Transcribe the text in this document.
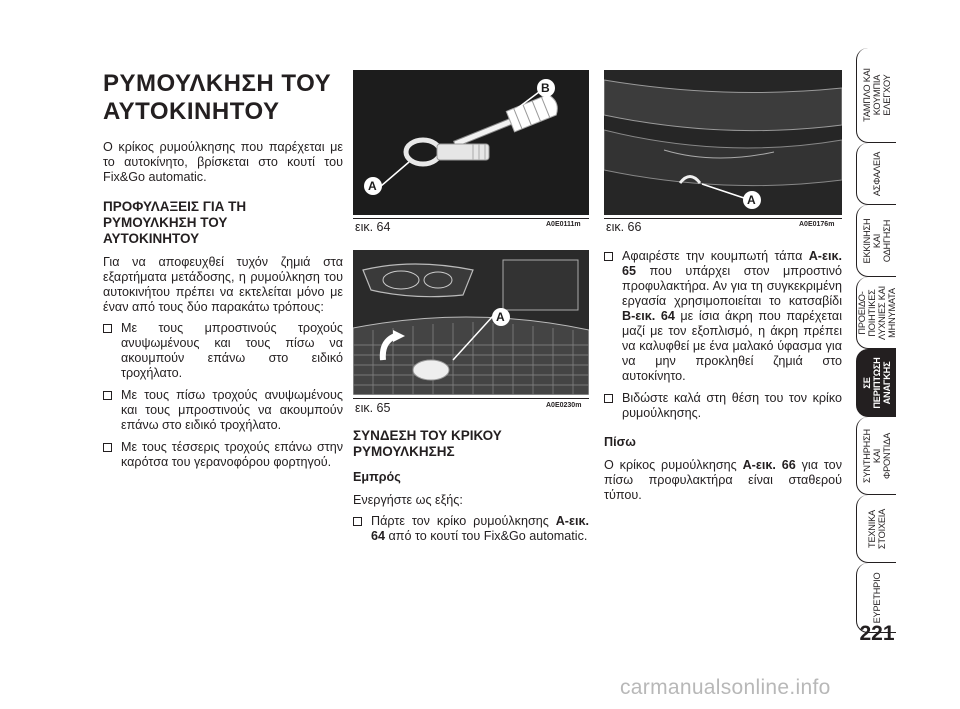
ΡΥΜΟΥΛΚΗΣΗ ΤΟΥ
ΑΥΤΟΚΙΝΗΤΟΥ

Ο κρίκος ρυμούλκησης που παρέχεται με το αυτοκίνητο, βρίσκεται στο κουτί του Fix&Go automatic.

ΠΡΟΦΥΛΑΞΕΙΣ ΓΙΑ ΤΗ
ΡΥΜΟΥΛΚΗΣΗ ΤΟΥ
ΑΥΤΟΚΙΝΗΤΟΥ

Για να αποφευχθεί τυχόν ζημιά στα εξαρτήματα μετάδοσης, η ρυμούλκηση του αυτοκινήτου πρέπει να εκτελείται μόνο με έναν από τους δύο παρακάτω τρόπους:

Με τους μπροστινούς τροχούς ανυψωμένους και τους πίσω να ακουμπούν επάνω στο ειδικό τροχήλατο.
Με τους πίσω τροχούς ανυψωμένους και τους μπροστινούς να ακουμπούν επάνω στο ειδικό τροχήλατο.
Με τους τέσσερις τροχούς επάνω στην καρότσα του γερανοφόρου φορτηγού.
A
B
εικ. 64	A0E0111m
A
εικ. 65	A0E0230m
A
εικ. 66	A0E0176m
ΣΥΝΔΕΣΗ ΤΟΥ ΚΡΙΚΟΥ
ΡΥΜΟΥΛΚΗΣΗΣ
Εμπρός

Ενεργήστε ως εξής:

Πάρτε τον κρίκο ρυμούλκησης A-εικ. 64 από το κουτί του Fix&Go automatic.
Αφαιρέστε την κουμπωτή τάπα A-εικ. 65 που υπάρχει στον μπροστινό προφυλακτήρα. Αν για τη συγκεκριμένη εργασία χρησιμοποιείται το κατσαβίδι B-εικ. 64 με ίσια άκρη που παρέχεται μαζί με τον εξοπλισμό, η άκρη πρέπει να καλυφθεί με ένα μαλακό ύφασμα για να μην προκληθεί ζημιά στο αυτοκίνητο.
Βιδώστε καλά στη θέση του τον κρίκο ρυμούλκησης.
Πίσω

Ο κρίκος ρυμούλκησης A-εικ. 66 για τον πίσω προφυλακτήρα είναι σταθερού τύπου.

ΤΑΜΠΛΟ ΚΑΙ
ΚΟΥΜΠΙΑ
ΕΛΕΓΧΟΥ
ΑΣΦΑΛΕΙΑ
ΕΚΚΙΝΗΣΗ
ΚΑΙ
ΟΔΗΓΗΣΗ
ΠΡΟΕΙΔΟ-
ΠΟΙΗΤΙΚΕΣ
ΛΥΧΝΙΕΣ ΚΑΙ
ΜΗΝΥΜΑΤΑ
ΣΕ
ΠΕΡΙΠΤΩΣΗ
ΑΝΑΓΚΗΣ
ΣΥΝΤΗΡΗΣΗ
ΚΑΙ
ΦΡΟΝΤΙΔΑ
ΤΕΧΝΙΚΑ
ΣΤΟΙΧΕΙΑ
ΕΥΡΕΤΗΡΙΟ
221
carmanualsonline.info
